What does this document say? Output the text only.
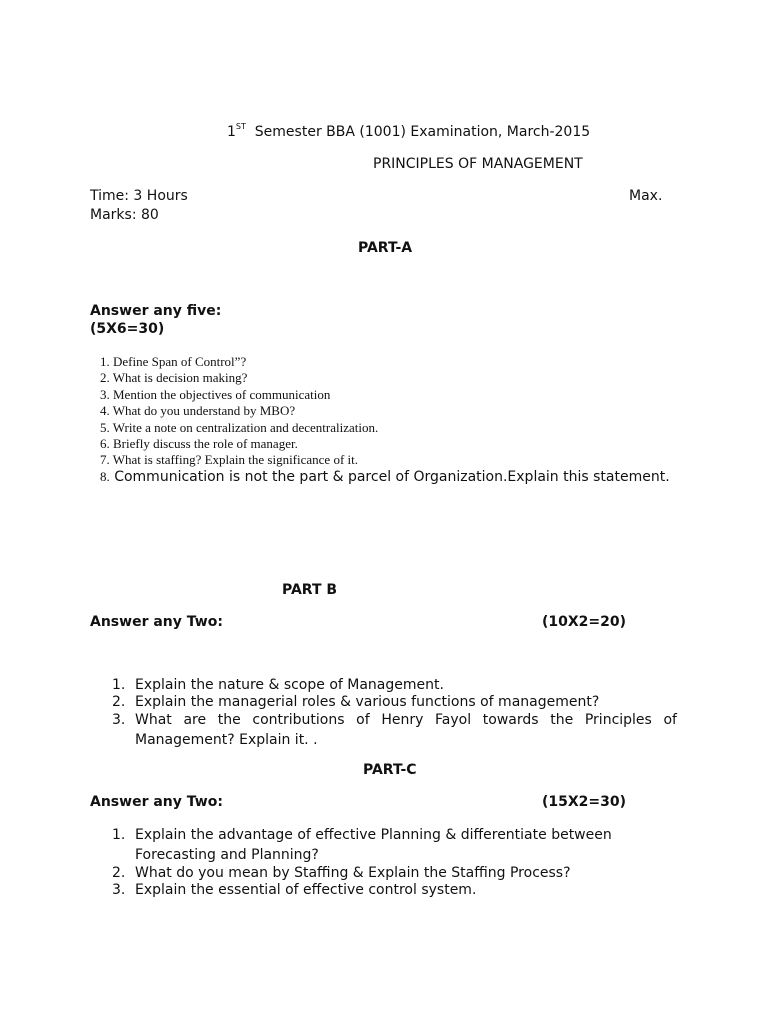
1ST Semester BBA (1001) Examination, March-2015
PRINCIPLES OF MANAGEMENT
Time: 3 Hours	Max.
Marks: 80
PART-A
Answer any five:
(5X6=30)
1. Define Span of Control”?
2. What is decision making?
3. Mention the objectives of communication
4. What do you understand by MBO?
5. Write a note on centralization and decentralization.
6. Briefly discuss the role of manager.
7. What is staffing? Explain the significance of it.
8. Communication is not the part & parcel of Organization.Explain this statement.
PART B
Answer any Two:	(10X2=20)
1. Explain the nature & scope of Management.
2. Explain the managerial roles & various functions of management?
3. What are the contributions of Henry Fayol towards the Principles of Management? Explain it. .
PART-C
Answer any Two:	(15X2=30)
1. Explain the advantage of effective Planning & differentiate between
Forecasting and Planning?
2. What do you mean by Staffing & Explain the Staffing Process?
3. Explain the essential of effective control system.
